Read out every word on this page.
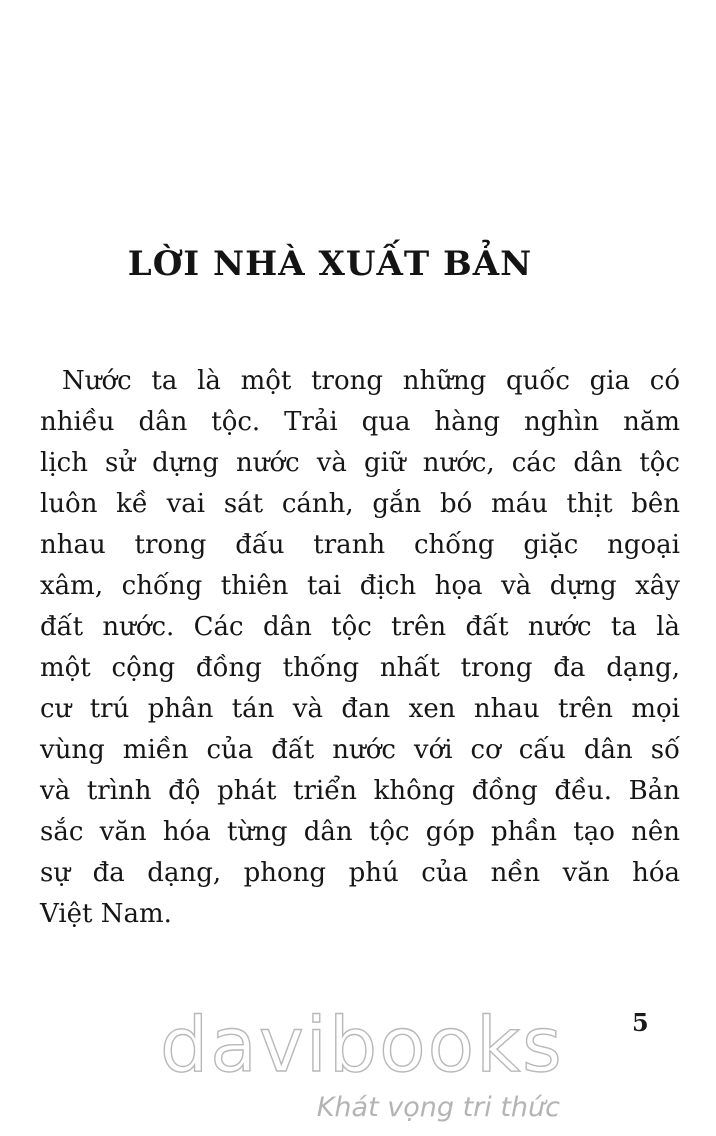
LỜI NHÀ XUẤT BẢN
Nước ta là một trong những quốc gia có
nhiều dân tộc. Trải qua hàng nghìn năm
lịch sử dựng nước và giữ nước, các dân tộc
luôn kề vai sát cánh, gắn bó máu thịt bên
nhau trong đấu tranh chống giặc ngoại
xâm, chống thiên tai địch họa và dựng xây
đất nước. Các dân tộc trên đất nước ta là
một cộng đồng thống nhất trong đa dạng,
cư trú phân tán và đan xen nhau trên mọi
vùng miền của đất nước với cơ cấu dân số
và trình độ phát triển không đồng đều. Bản
sắc văn hóa từng dân tộc góp phần tạo nên
sự đa dạng, phong phú của nền văn hóa
Việt Nam.
davibooks
Khát vọng tri thức
5
